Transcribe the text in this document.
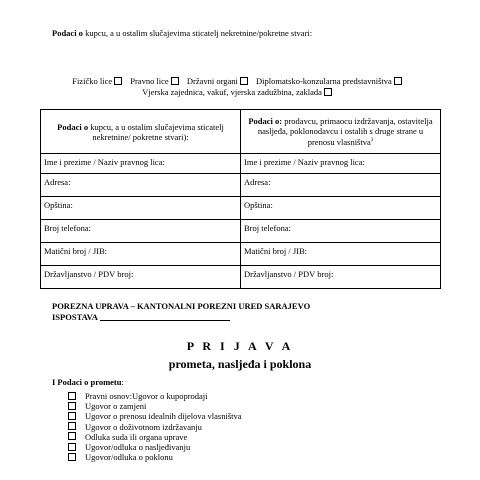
Podaci o kupcu, a u ostalim slučajevima sticatelj nekretnine/pokretne stvari:
Fizičko lice Pravno lice Državni organi Diplomatsko-konzularna predstavništva
Vjerska zajednica, vakuf, vjerska zadužbina, zaklada
Podaci o kupcu, a u ostalim slučajevima sticatelj nekretnine/ pokretne stvari):	Podaci o: prodavcu, primaocu izdržavanja, ostavitelja nasljeđa, poklonodavcu i ostalih s druge strane u prenosu vlasništva$^3$
Ime i prezime / Naziv pravnog lica:	Ime i prezime / Naziv pravnog lica:
Adresa:	Adresa:
Opština:	Opština:
Broj telefona:	Broj telefona:
Matični broj / JIB:	Matični broj / JIB:
Državljanstvo / PDV broj:	Državljanstvo / PDV broj:
POREZNA UPRAVA – KANTONALNI POREZNI URED SARAJEVO
ISPOSTAVA
P R I J A V A
prometa, nasljeđa i poklona
I Podaci o prometu:
Pravni osnov:Ugovor o kupoprodaji
Ugovor o zamjeni
Ugovor o prenosu idealnih dijelova vlasništva
Ugovor o doživotnom izdržavanju
Odluka suda ili organa uprave
Ugovor/odluka o nasljeđivanju
Ugovor/odluka o poklonu
